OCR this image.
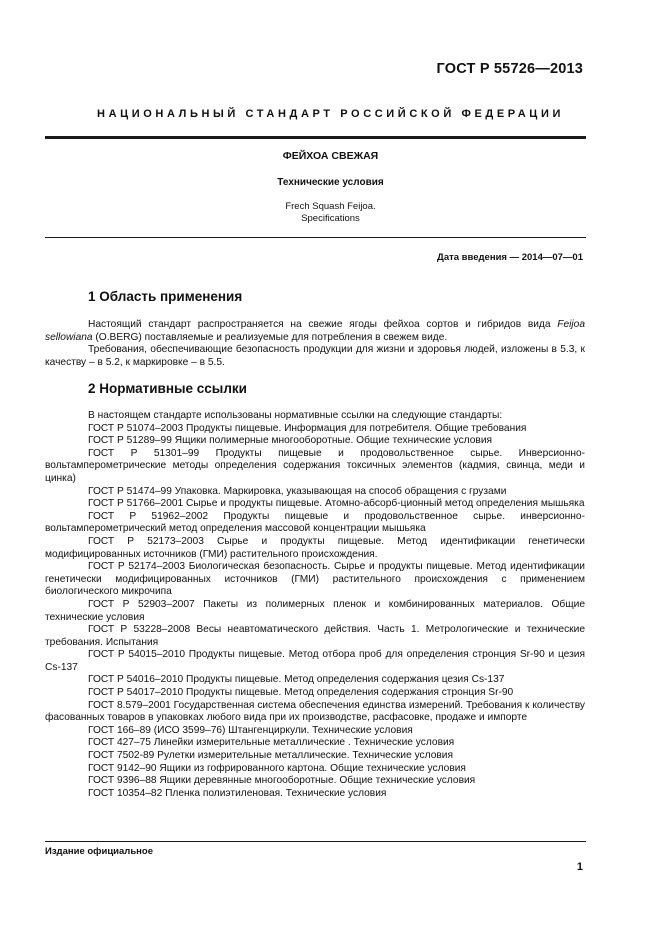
ГОСТ Р 55726—2013
НАЦИОНАЛЬНЫЙ СТАНДАРТ РОССИЙСКОЙ ФЕДЕРАЦИИ
ФЕЙХОА СВЕЖАЯ
Технические условия
Frech Squash Feijoa.
Specifications
Дата введения — 2014—07—01
1 Область применения

Настоящий стандарт распространяется на свежие ягоды фейхоа сортов и гибридов вида Feijoa sellowiana (O.BERG) поставляемые и реализуемые для потребления в свежем виде.

Требования, обеспечивающие безопасность продукции для жизни и здоровья людей, изложены в 5.3, к качеству – в 5.2, к маркировке – в 5.5.

2 Нормативные ссылки

В настоящем стандарте использованы нормативные ссылки на следующие стандарты:

ГОСТ Р 51074–2003 Продукты пищевые. Информация для потребителя. Общие требования

ГОСТ Р 51289–99 Ящики полимерные многооборотные. Общие технические условия

ГОСТ Р 51301–99 Продукты пищевые и продовольственное сырье. Инверсионно-вольтамперометрические методы определения содержания токсичных элементов (кадмия, свинца, меди и цинка)

ГОСТ Р 51474–99 Упаковка. Маркировка, указывающая на способ обращения с грузами

ГОСТ Р 51766–2001 Сырье и продукты пищевые. Атомно-абсорб-ционный метод определения мышьяка

ГОСТ Р 51962–2002 Продукты пищевые и продовольственное сырье. инверсионно-вольтамперометрический метод определения массовой концентрации мышьяка

ГОСТ Р 52173–2003 Сырье и продукты пищевые. Метод идентификации генетически модифицированных источников (ГМИ) растительного происхождения.

ГОСТ Р 52174–2003 Биологическая безопасность. Сырье и продукты пищевые. Метод идентификации генетически модифицированных источников (ГМИ) растительного происхождения с применением биологического микрочипа

ГОСТ Р 52903–2007 Пакеты из полимерных пленок и комбинированных материалов. Общие технические условия

ГОСТ Р 53228–2008 Весы неавтоматического действия. Часть 1. Метрологические и технические требования. Испытания

ГОСТ Р 54015–2010 Продукты пищевые. Метод отбора проб для определения стронция Sr-90 и цезия Cs-137

ГОСТ Р 54016–2010 Продукты пищевые. Метод определения содержания цезия Cs-137

ГОСТ Р 54017–2010 Продукты пищевые. Метод определения содержания стронция Sr-90

ГОСТ 8.579–2001 Государственная система обеспечения единства измерений. Требования к количеству фасованных товаров в упаковках любого вида при их производстве, расфасовке, продаже и импорте

ГОСТ 166–89 (ИСО 3599–76) Штангенциркули. Технические условия

ГОСТ 427–75 Линейки измерительные металлические . Технические условия

ГОСТ 7502-89 Рулетки измерительные металлические. Технические условия

ГОСТ 9142–90 Ящики из гофрированного картона. Общие технические условия

ГОСТ 9396–88 Ящики деревянные многооборотные. Общие технические условия

ГОСТ 10354–82 Пленка полиэтиленовая. Технические условия

Издание официальное
1
